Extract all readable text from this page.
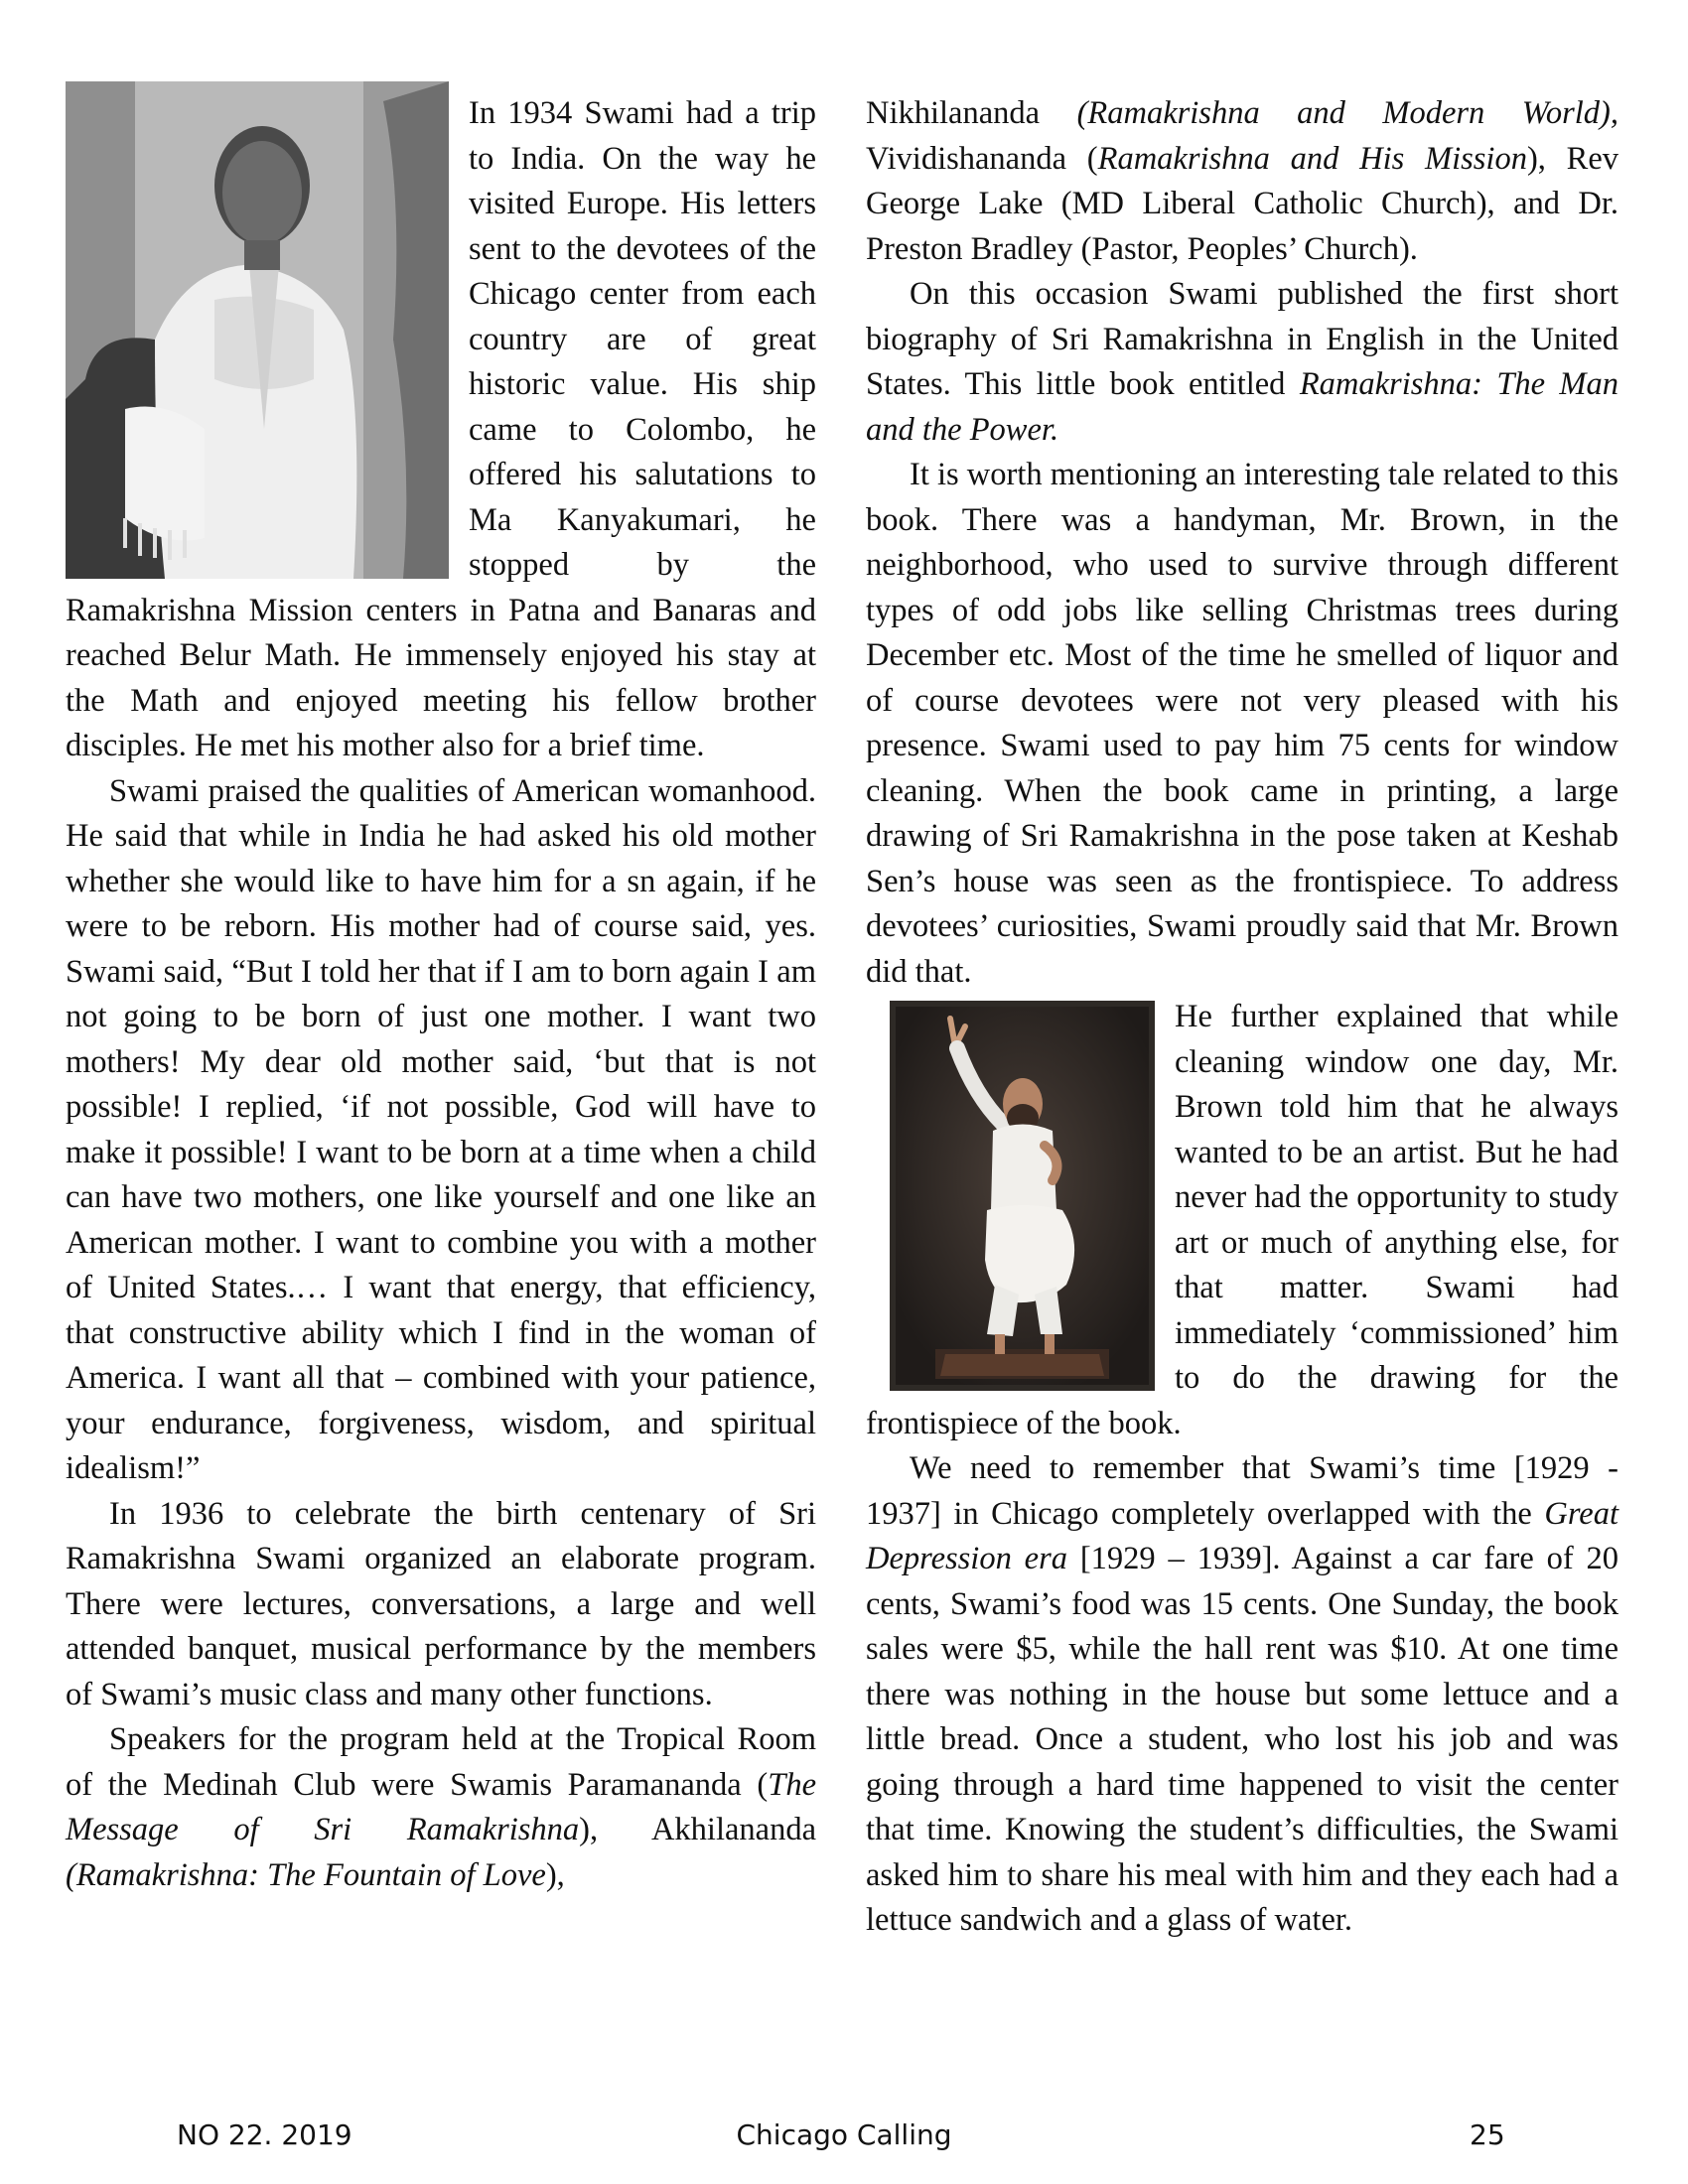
In 1934 Swami had a trip to India. On the way he visited Europe. His letters sent to the devotees of the Chicago center from each country are of great historic value. His ship came to Colombo, he offered his salutations to Ma Kanyakumari, he stopped by the Ramakrishna Mission centers in Patna and Banaras and reached Belur Math. He immensely enjoyed his stay at the Math and enjoyed meeting his fellow brother disciples. He met his mother also for a brief time.

Swami praised the qualities of American womanhood. He said that while in India he had asked his old mother whether she would like to have him for a sn again, if he were to be reborn. His mother had of course said, yes. Swami said, “But I told her that if I am to born again I am not going to be born of just one mother. I want two mothers! My dear old mother said, ‘but that is not possible! I replied, ‘if not possible, God will have to make it possible! I want to be born at a time when a child can have two mothers, one like yourself and one like an American mother. I want to combine you with a mother of United States.… I want that energy, that efficiency, that constructive ability which I find in the woman of America. I want all that – combined with your patience, your endurance, forgiveness, wisdom, and spiritual idealism!”

In 1936 to celebrate the birth centenary of Sri Ramakrishna Swami organized an elaborate program. There were lectures, conversations, a large and well attended banquet, musical performance by the members of Swami’s music class and many other functions.

Speakers for the program held at the Tropical Room of the Medinah Club were Swamis Paramananda (The Message of Sri Ramakrishna), Akhilananda (Ramakrishna: The Fountain of Love),

Nikhilananda (Ramakrishna and Modern World), Vividishananda (Ramakrishna and His Mission), Rev George Lake (MD Liberal Catholic Church), and Dr. Preston Bradley (Pastor, Peoples’ Church).

On this occasion Swami published the first short biography of Sri Ramakrishna in English in the United States. This little book entitled Ramakrishna: The Man and the Power.

It is worth mentioning an interesting tale related to this book. There was a handyman, Mr. Brown, in the neighborhood, who used to survive through different types of odd jobs like selling Christmas trees during December etc. Most of the time he smelled of liquor and of course devotees were not very pleased with his presence. Swami used to pay him 75 cents for window cleaning. When the book came in printing, a large drawing of Sri Ramakrishna in the pose taken at Keshab Sen’s house was seen as the frontispiece. To address devotees’ curiosities, Swami proudly said that Mr. Brown did that.

He further explained that while cleaning window one day, Mr. Brown told him that he always wanted to be an artist. But he had never had the opportunity to study art or much of anything else, for that matter. Swami had immediately ‘commissioned’ him to do the drawing for the frontispiece of the book.

We need to remember that Swami’s time [1929 - 1937] in Chicago completely overlapped with the Great Depression era [1929 – 1939]. Against a car fare of 20 cents, Swami’s food was 15 cents. One Sunday, the book sales were $5, while the hall rent was $10. At one time there was nothing in the house but some lettuce and a little bread. Once a student, who lost his job and was going through a hard time happened to visit the center that time. Knowing the student’s difficulties, the Swami asked him to share his meal with him and they each had a lettuce sandwich and a glass of water.

NO 22. 2019	Chicago Calling	25
